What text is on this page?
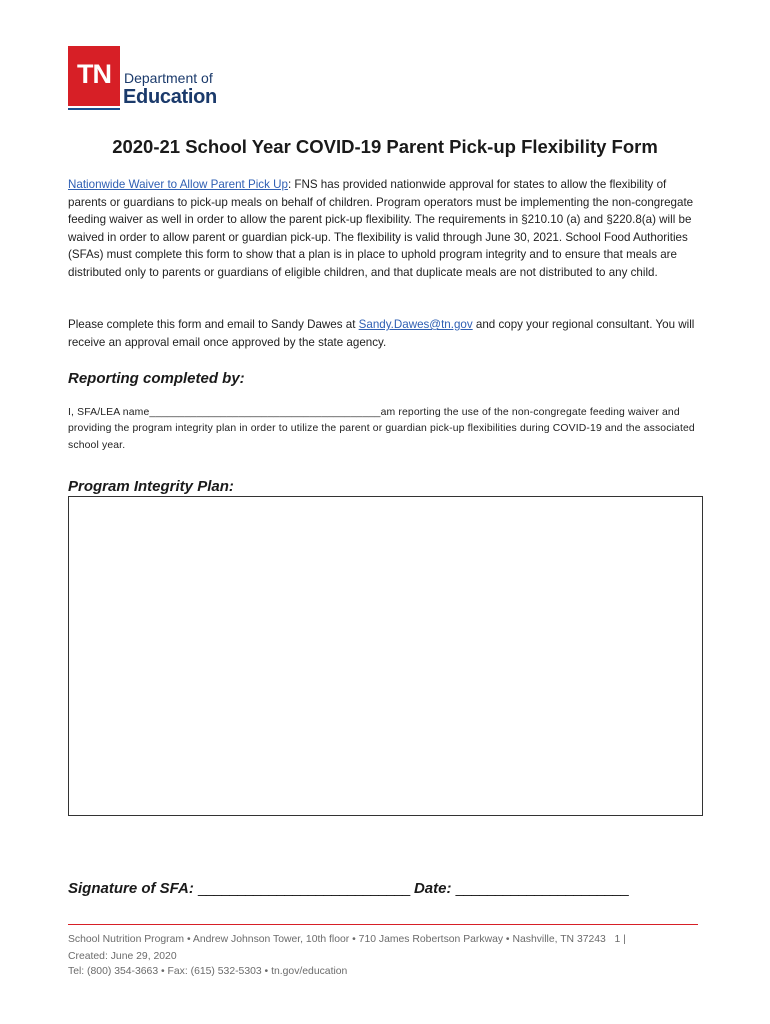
TN Department of
Education
2020-21 School Year COVID-19 Parent Pick-up Flexibility Form
Nationwide Waiver to Allow Parent Pick Up: FNS has provided nationwide approval for states to allow the flexibility of parents or guardians to pick-up meals on behalf of children. Program operators must be implementing the non-congregate feeding waiver as well in order to allow the parent pick-up flexibility. The requirements in §210.10 (a) and §220.8(a) will be waived in order to allow parent or guardian pick-up. The flexibility is valid through June 30, 2021. School Food Authorities (SFAs) must complete this form to show that a plan is in place to uphold program integrity and to ensure that meals are distributed only to parents or guardians of eligible children, and that duplicate meals are not distributed to any child.
Please complete this form and email to Sandy Dawes at Sandy.Dawes@tn.gov and copy your regional consultant. You will receive an approval email once approved by the state agency.
Reporting completed by:
I, SFA/LEA name_______________________________________am reporting the use of the non-congregate feeding waiver and providing the program integrity plan in order to utilize the parent or guardian pick-up flexibilities during COVID-19 and the associated school year.
Program Integrity Plan:
Signature of SFA: ___________________________ Date: ______________________
School Nutrition Program • Andrew Johnson Tower, 10th floor • 710 James Robertson Parkway • Nashville, TN 37243 1 |
Created: June 29, 2020
Tel: (800) 354-3663 • Fax: (615) 532-5303 • tn.gov/education
